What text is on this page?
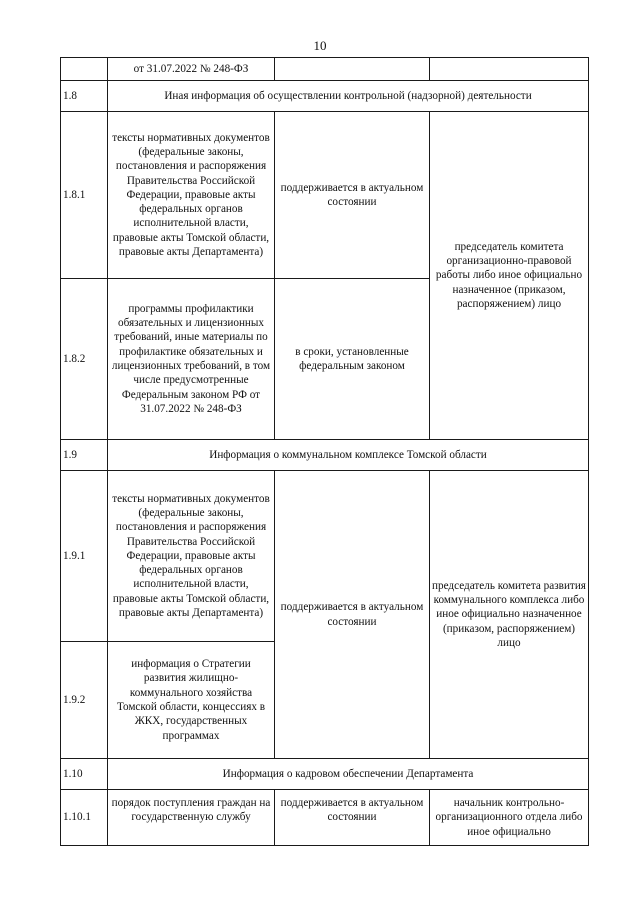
10
	от 31.07.2022 № 248-ФЗ		
1.8	Иная информация об осуществлении контрольной (надзорной) деятельности		
1.8.1	тексты нормативных документов (федеральные законы, постановления и распоряжения Правительства Российской Федерации, правовые акты федеральных органов исполнительной власти, правовые акты Томской области, правовые акты Департамента)	поддерживается в актуальном состоянии	председатель комитета организационно-правовой работы либо иное официально назначенное (приказом, распоряжением) лицо
1.8.2	программы профилактики обязательных и лицензионных требований, иные материалы по профилактике обязательных и лицензионных требований, в том числе предусмотренные Федеральным законом РФ от 31.07.2022 № 248-ФЗ	в сроки, установленные федеральным законом	
1.9	Информация о коммунальном комплексе Томской области		
1.9.1	тексты нормативных документов (федеральные законы, постановления и распоряжения Правительства Российской Федерации, правовые акты федеральных органов исполнительной власти, правовые акты Томской области, правовые акты Департамента)	поддерживается в актуальном состоянии	председатель комитета развития коммунального комплекса либо иное официально назначенное (приказом, распоряжением) лицо
1.9.2	информация о Стратегии развития жилищно-коммунального хозяйства Томской области, концессиях в ЖКХ, государственных программах		
1.10	Информация о кадровом обеспечении Департамента		
1.10.1	порядок поступления граждан на государственную службу	поддерживается в актуальном состоянии	начальник контрольно-организационного отдела либо иное официально
